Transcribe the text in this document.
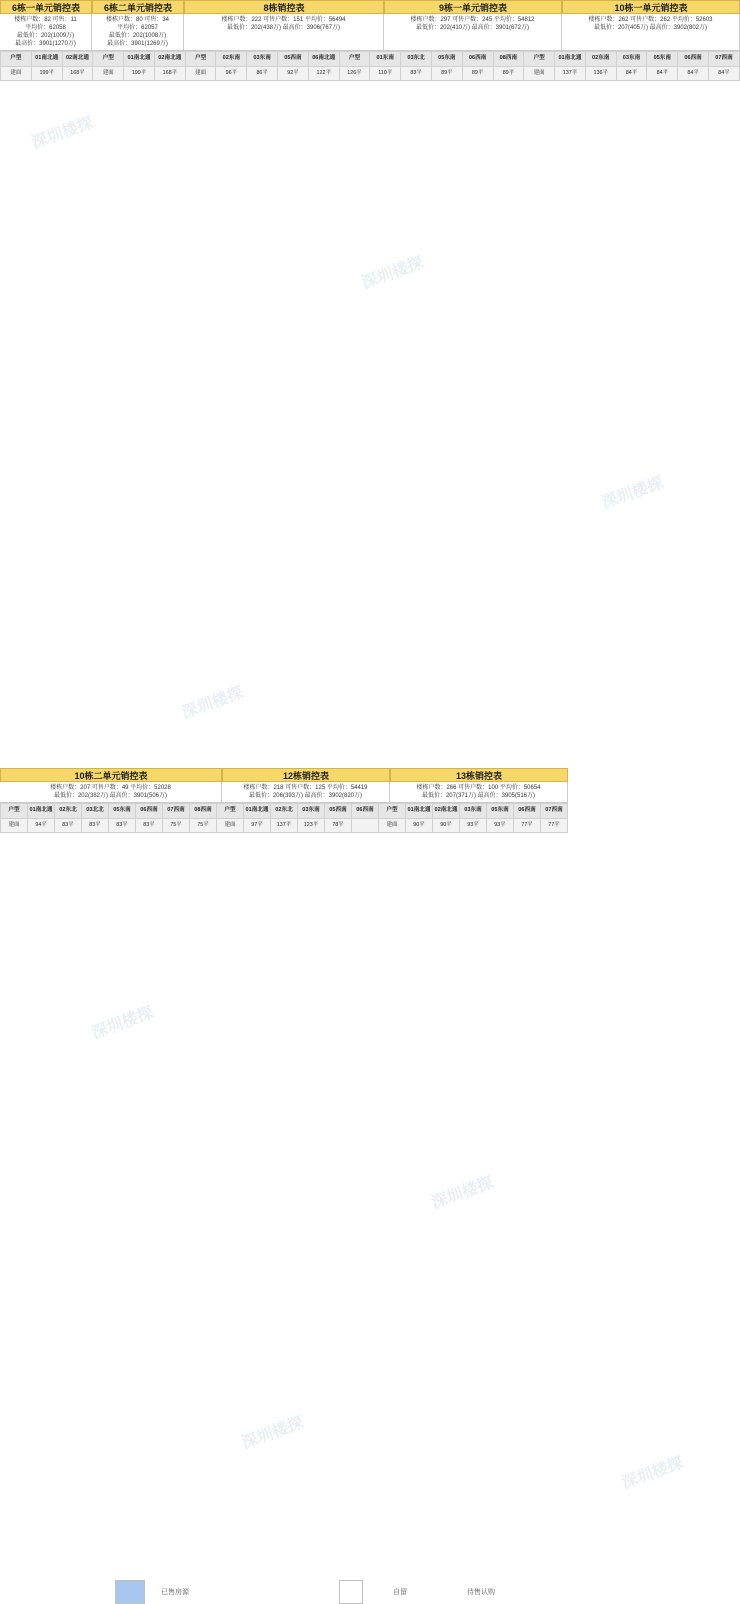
6栋一单元销控表	6栋二单元销控表	8栋销控表	9栋一单元销控表	10栋一单元销控表

楼栋户数：82 可售：11

平均价：62058

最低价：202(1009万)

最高价：3901(1270万)

楼栋户数：80 可售：34

平均价：62057

最低价：202(1008万)

最高价：3901(1269万)

楼栋户数：222 可售户数：151 平均价：56494

最低价：202(438万) 最高价：3906(767万)

楼栋户数：297 可售户数：245 平均价：54812

最低价：202(410万) 最高价：3901(672万)

楼栋户数：262 可售户数：262 平均价：52603

最低价：207(405万) 最高价：3902(802万)

户型	01南北通	02南北通	户型	01南北通	02南北通	户型	02东南	03东南	05西南	06南北通	户型	01东南	03东北	05东南	06西南	08西南	户型	01南北通	02东南	03东南	05东南	06西南	07西南
建面	199平	168平	建面	199平	168平	建面	96平	86平	92平	122平	126平	110平	83平	89平	89平	89平	建面	137平	136平	84平	84平	84平	84平
10栋二单元销控表	12栋销控表	13栋销控表

楼栋户数：207 可售户数：49 平均价：52028

最低价：202(382万) 最高价：3901(506万)

楼栋户数：218 可售户数：125 平均价：54419

最低价：206(393万) 最高价：3902(820万)

楼栋户数：266 可售户数：100 平均价：50654

最低价：207(371万) 最高价：3905(516万)

户型	01南北通	02东北	03北北	05东南	06西南	07西南	08西南	户型	01南北通	02东北	03东南	05西南	06西南	户型	01南北通	02南北通	03东南	05东南	06西南	07西南
建面	94平	83平	83平	83平	83平	75平	75平	建面	97平	137平	123平	78平		建面	90平	90平	93平	93平	77平	77平
已售房源	自留	待售认购
深圳楼探
深圳楼探
深圳楼探
深圳楼探
深圳楼探
深圳楼探
深圳楼探
深圳楼探
